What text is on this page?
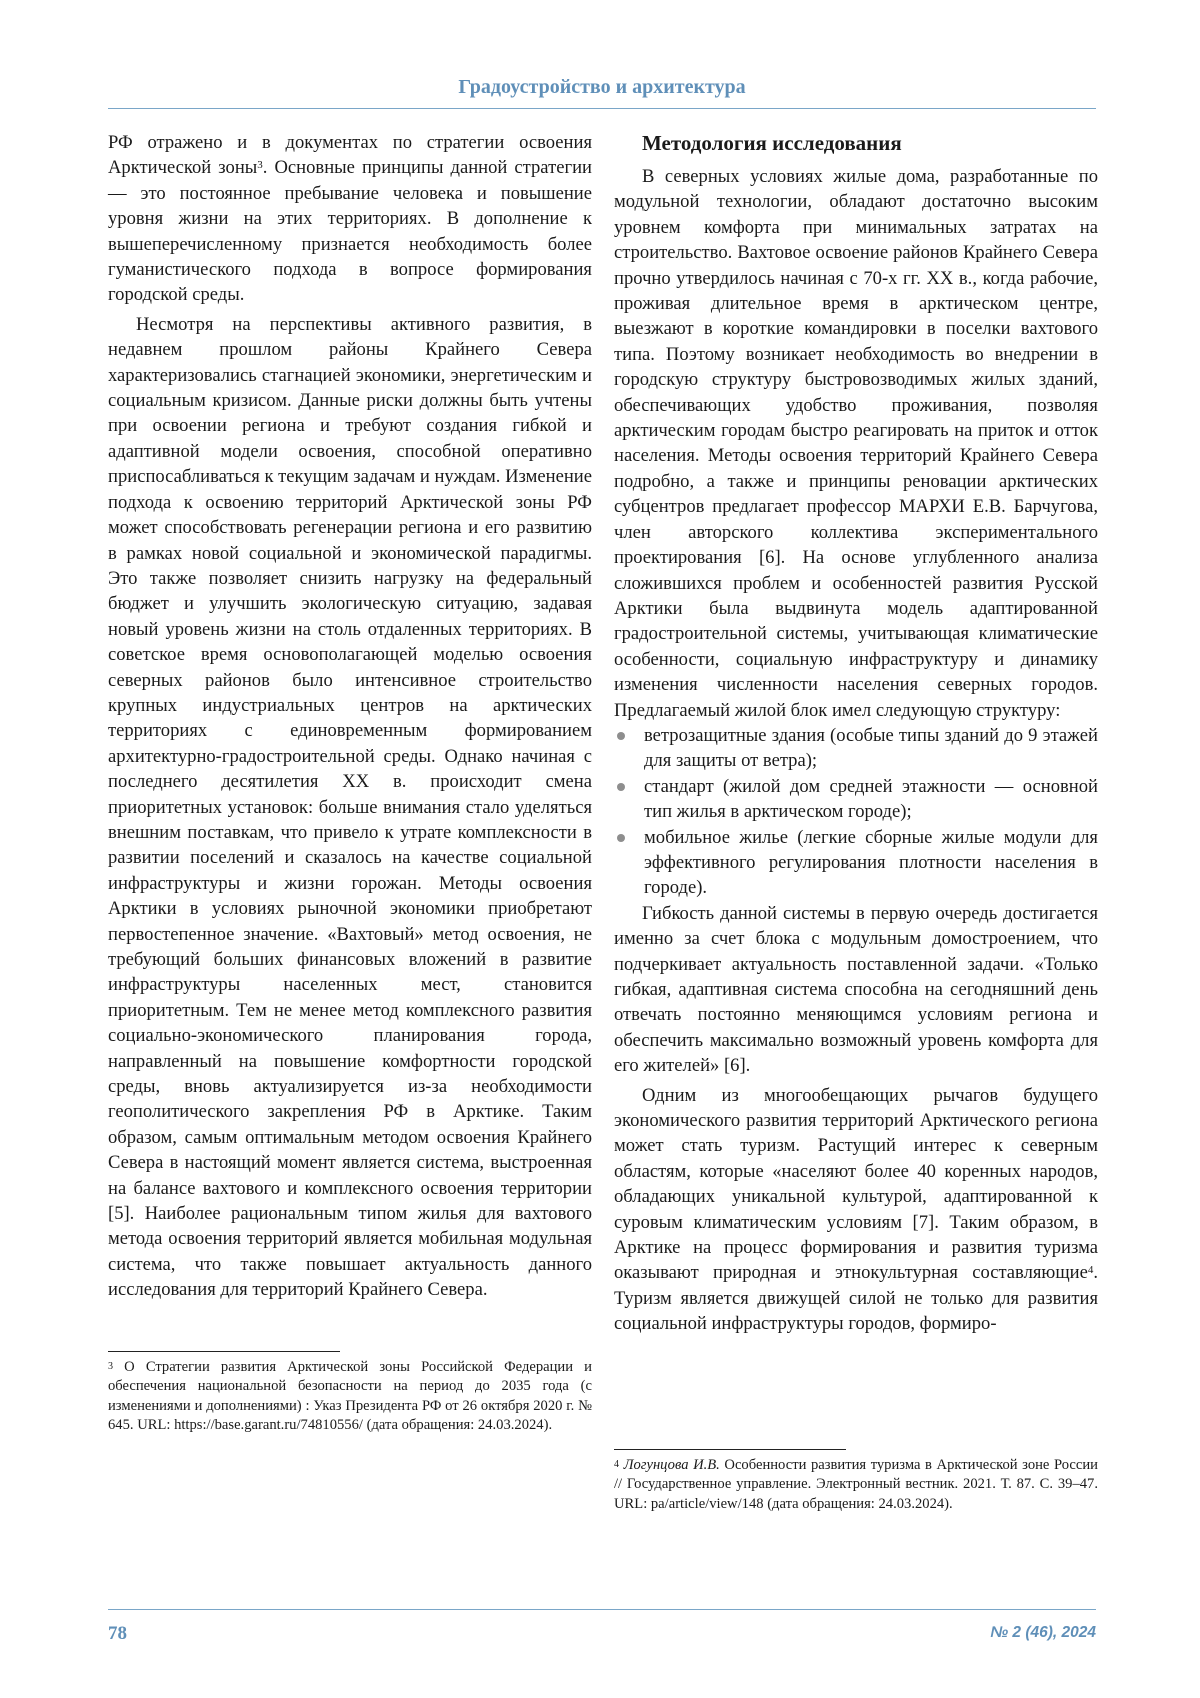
Градоустройство и архитектура

РФ отражено и в документах по стратегии освоения Арктической зоны$^3$. Основные принципы данной стратегии — это постоянное пребывание человека и повышение уровня жизни на этих территориях. В дополнение к вышеперечисленному признается необходимость более гуманистического подхода в вопросе формирования городской среды.

Несмотря на перспективы активного развития, в недавнем прошлом районы Крайнего Севера характеризовались стагнацией экономики, энергетическим и социальным кризисом. Данные риски должны быть учтены при освоении региона и требуют создания гибкой и адаптивной модели освоения, способной оперативно приспосабливаться к текущим задачам и нуждам. Изменение подхода к освоению территорий Арктической зоны РФ может способствовать регенерации региона и его развитию в рамках новой социальной и экономической парадигмы. Это также позволяет снизить нагрузку на федеральный бюджет и улучшить экологическую ситуацию, задавая новый уровень жизни на столь отдаленных территориях. В советское время основополагающей моделью освоения северных районов было интенсивное строительство крупных индустриальных центров на арктических территориях с единовременным формированием архитектурно-градостроительной среды. Однако начиная с последнего десятилетия XX в. происходит смена приоритетных установок: больше внимания стало уделяться внешним поставкам, что привело к утрате комплексности в развитии поселений и сказалось на качестве социальной инфраструктуры и жизни горожан. Методы освоения Арктики в условиях рыночной экономики приобретают первостепенное значение. «Вахтовый» метод освоения, не требующий больших финансовых вложений в развитие инфраструктуры населенных мест, становится приоритетным. Тем не менее метод комплексного развития социально-экономического планирования города, направленный на повышение комфортности городской среды, вновь актуализируется из-за необходимости геополитического закрепления РФ в Арктике. Таким образом, самым оптимальным методом освоения Крайнего Севера в настоящий момент является система, выстроенная на балансе вахтового и комплексного освоения территории [5]. Наиболее рациональным типом жилья для вахтового метода освоения территорий является мобильная модульная система, что также повышает актуальность данного исследования для территорий Крайнего Севера.

$^3$ О Стратегии развития Арктической зоны Российской Федерации и обеспечения национальной безопасности на период до 2035 года (с изменениями и дополнениями) : Указ Президента РФ от 26 октября 2020 г. № 645. URL: https://base.garant.ru/74810556/ (дата обращения: 24.03.2024).
Методология исследования

В северных условиях жилые дома, разработанные по модульной технологии, обладают достаточно высоким уровнем комфорта при минимальных затратах на строительство. Вахтовое освоение районов Крайнего Севера прочно утвердилось начиная с 70-х гг. XX в., когда рабочие, проживая длительное время в арктическом центре, выезжают в короткие командировки в поселки вахтового типа. Поэтому возникает необходимость во внедрении в городскую структуру быстровозводимых жилых зданий, обеспечивающих удобство проживания, позволяя арктическим городам быстро реагировать на приток и отток населения. Методы освоения территорий Крайнего Севера подробно, а также и принципы реновации арктических субцентров предлагает профессор МАРХИ Е.В. Барчугова, член авторского коллектива экспериментального проектирования [6]. На основе углубленного анализа сложившихся проблем и особенностей развития Русской Арктики была выдвинута модель адаптированной градостроительной системы, учитывающая климатические особенности, социальную инфраструктуру и динамику изменения численности населения северных городов. Предлагаемый жилой блок имел следующую структуру:

ветрозащитные здания (особые типы зданий до 9 этажей для защиты от ветра);
стандарт (жилой дом средней этажности — основной тип жилья в арктическом городе);
мобильное жилье (легкие сборные жилые модули для эффективного регулирования плотности населения в городе).

Гибкость данной системы в первую очередь достигается именно за счет блока с модульным домостроением, что подчеркивает актуальность поставленной задачи. «Только гибкая, адаптивная система способна на сегодняшний день отвечать постоянно меняющимся условиям региона и обеспечить максимально возможный уровень комфорта для его жителей» [6].

Одним из многообещающих рычагов будущего экономического развития территорий Арктического региона может стать туризм. Растущий интерес к северным областям, которые «населяют более 40 коренных народов, обладающих уникальной культурой, адаптированной к суровым климатическим условиям [7]. Таким образом, в Арктике на процесс формирования и развития туризма оказывают природная и этнокультурная составляющие$^4$. Туризм является движущей силой не только для развития социальной инфраструктуры городов, формиро-

$^4$ Логунцова И.В. Особенности развития туризма в Арктической зоне России // Государственное управление. Электронный вестник. 2021. Т. 87. С. 39–47. URL: pa/article/view/148 (дата обращения: 24.03.2024).
78	№ 2 (46), 2024
